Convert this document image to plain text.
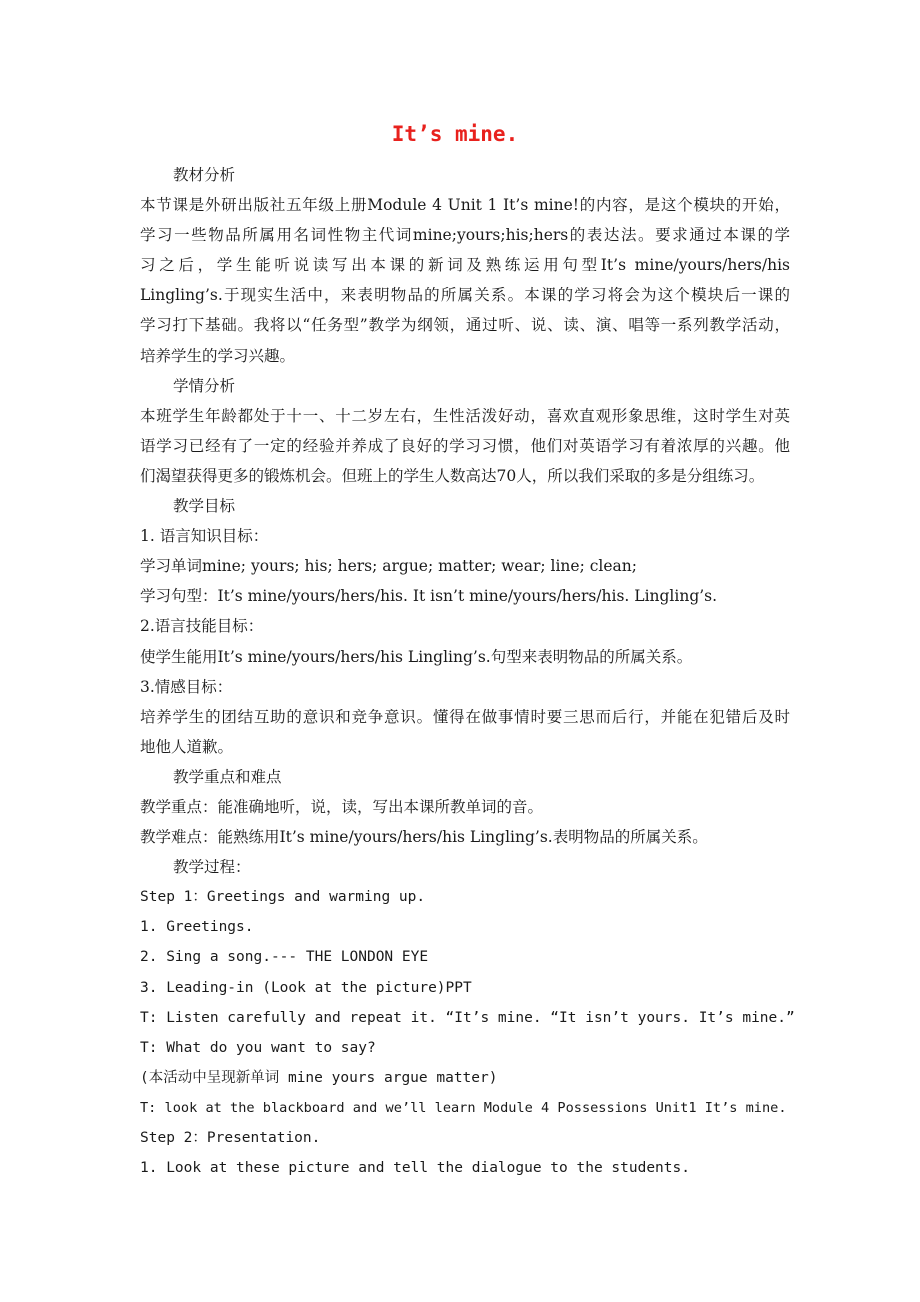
It’s mine.
教材分析
本节课是外研出版社五年级上册Module 4 Unit 1 It’s mine!的内容，是这个模块的开始，
学习一些物品所属用名词性物主代词mine;yours;his;hers的表达法。要求通过本课的学
习之后，学生能听说读写出本课的新词及熟练运用句型It’s mine/yours/hers/his
Lingling’s.于现实生活中，来表明物品的所属关系。本课的学习将会为这个模块后一课的
学习打下基础。我将以“任务型”教学为纲领，通过听、说、读、演、唱等一系列教学活动，
培养学生的学习兴趣。
学情分析
本班学生年龄都处于十一、十二岁左右，生性活泼好动，喜欢直观形象思维，这时学生对英
语学习已经有了一定的经验并养成了良好的学习习惯，他们对英语学习有着浓厚的兴趣。他
们渴望获得更多的锻炼机会。但班上的学生人数高达70人，所以我们采取的多是分组练习。
教学目标
1. 语言知识目标：
学习单词mine; yours; his; hers; argue; matter; wear; line; clean;
学习句型：It’s mine/yours/hers/his. It isn’t mine/yours/hers/his. Lingling’s.
2.语言技能目标：
使学生能用It’s mine/yours/hers/his Lingling’s.句型来表明物品的所属关系。
3.情感目标：
培养学生的团结互助的意识和竞争意识。懂得在做事情时要三思而后行，并能在犯错后及时
地他人道歉。
教学重点和难点
教学重点：能准确地听，说，读，写出本课所教单词的音。
教学难点：能熟练用It’s mine/yours/hers/his Lingling’s.表明物品的所属关系。
教学过程：
Step 1：Greetings and warming up.
1. Greetings.
2. Sing a song.--- THE LONDON EYE
3. Leading-in (Look at the picture)PPT
T: Listen carefully and repeat it. “It’s mine. “It isn’t yours. It’s mine.”
T: What do you want to say?
(本活动中呈现新单词 mine yours argue matter)
T: look at the blackboard and we’ll learn Module 4 Possessions Unit1 It’s mine.
Step 2：Presentation.
1. Look at these picture and tell the dialogue to the students.
